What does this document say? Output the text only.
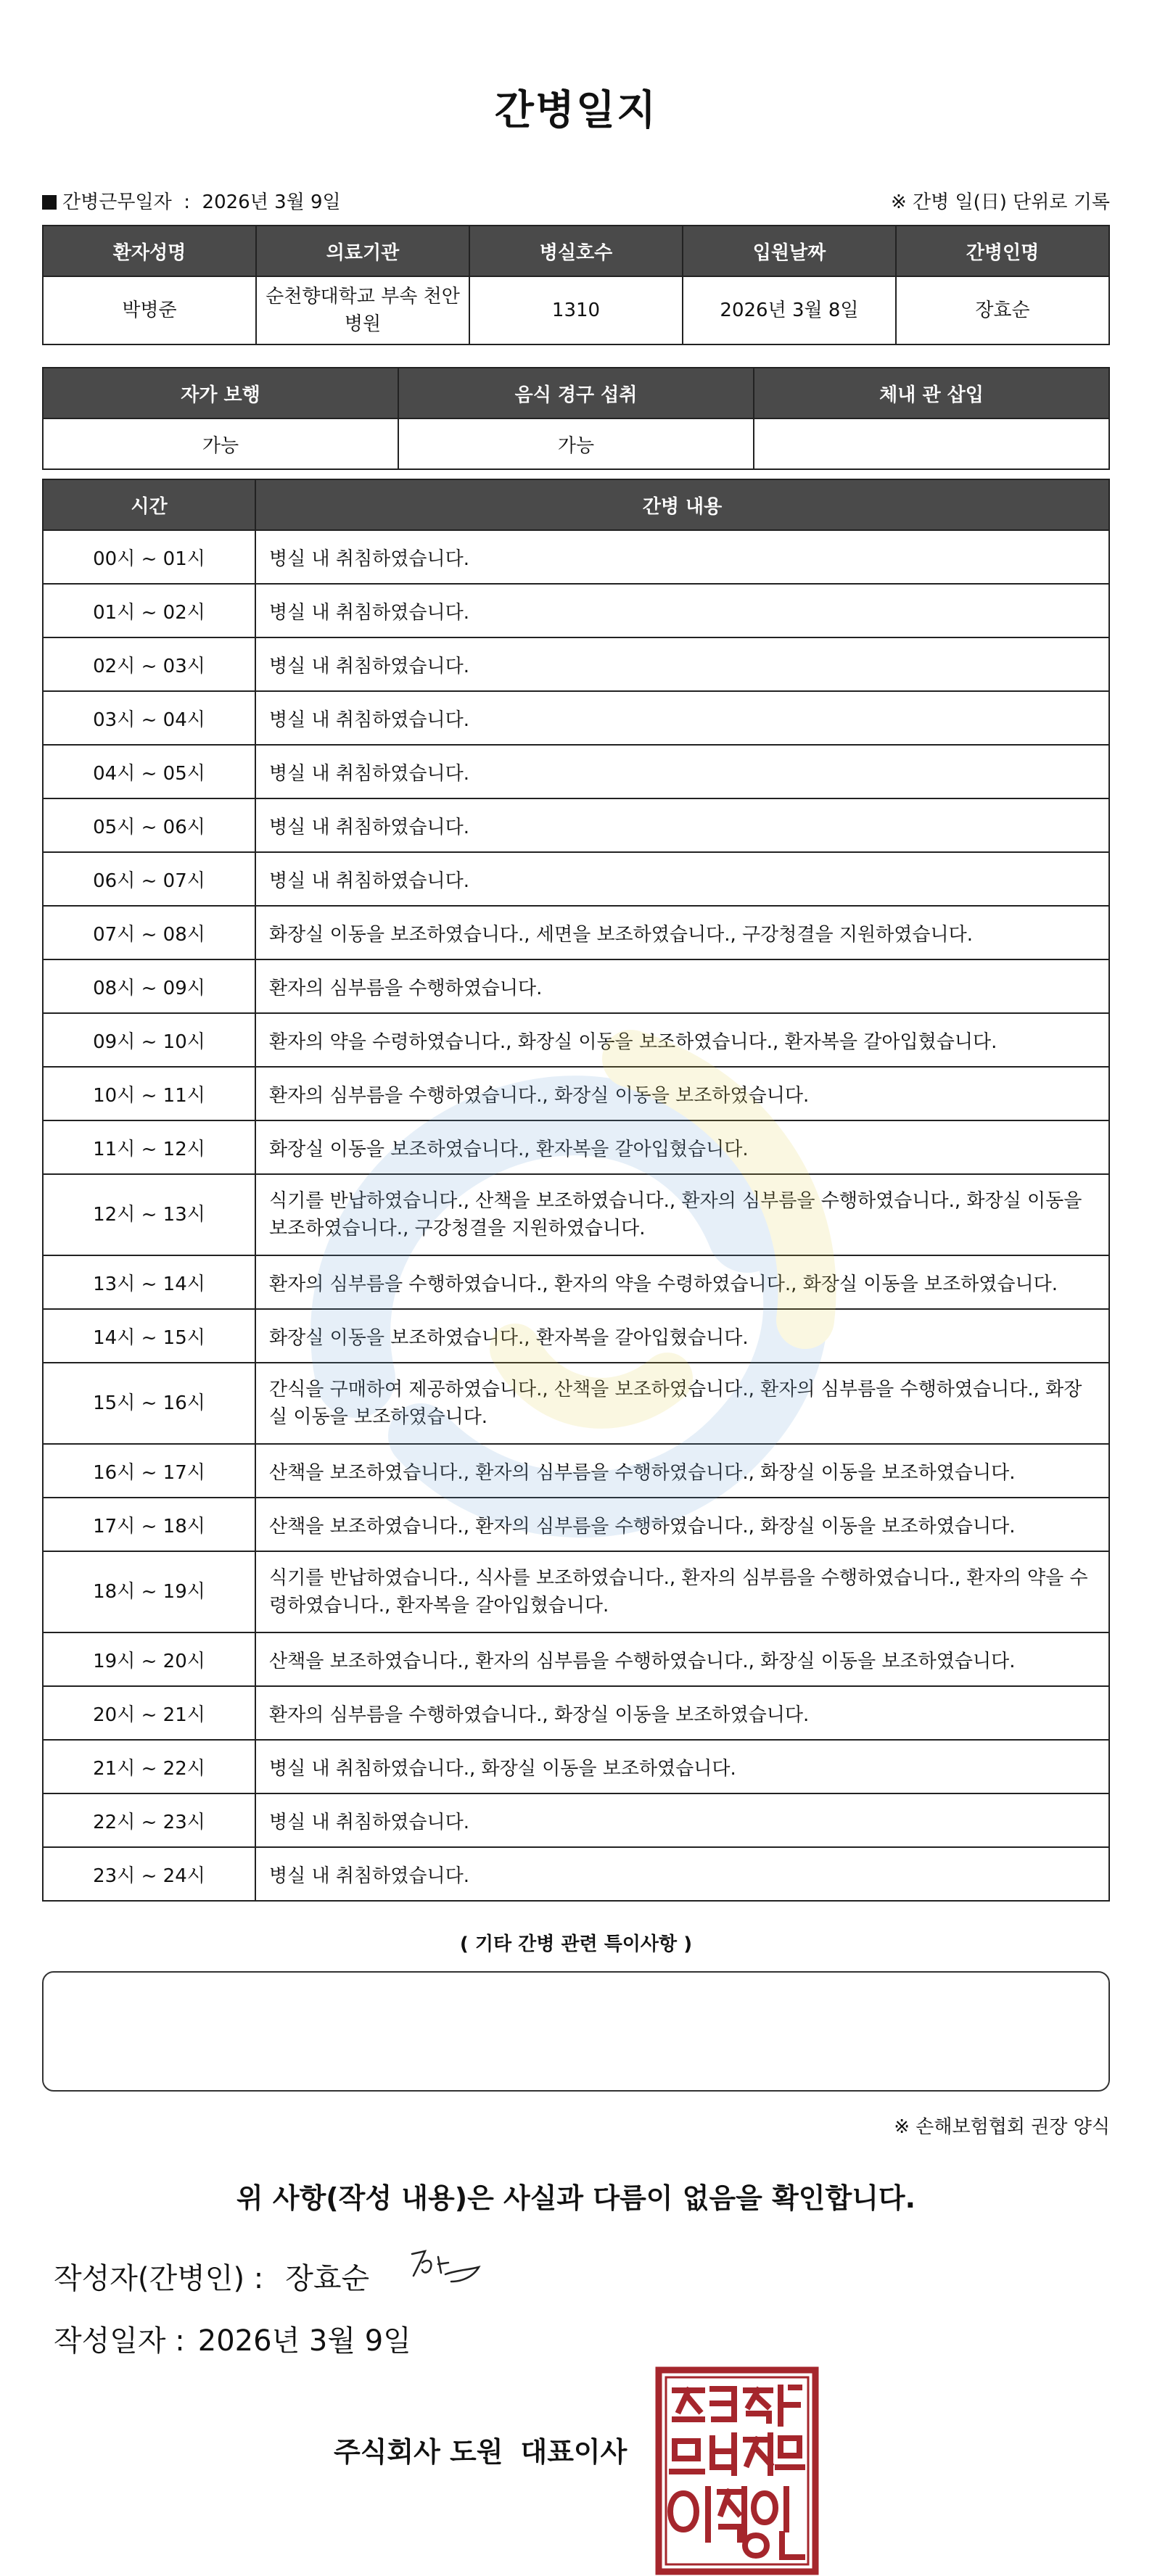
간병일지
간병근무일자  :  2026년 3월 9일	※ 간병 일(日) 단위로 기록
환자성명	의료기관	병실호수	입원날짜	간병인명
박병준	순천향대학교 부속 천안병원	1310	2026년 3월 8일	장효순
자가 보행	음식 경구 섭취	체내 관 삽입
가능	가능	
시간	간병 내용
00시 ~ 01시	병실 내 취침하였습니다.
01시 ~ 02시	병실 내 취침하였습니다.
02시 ~ 03시	병실 내 취침하였습니다.
03시 ~ 04시	병실 내 취침하였습니다.
04시 ~ 05시	병실 내 취침하였습니다.
05시 ~ 06시	병실 내 취침하였습니다.
06시 ~ 07시	병실 내 취침하였습니다.
07시 ~ 08시	화장실 이동을 보조하였습니다., 세면을 보조하였습니다., 구강청결을 지원하였습니다.
08시 ~ 09시	환자의 심부름을 수행하였습니다.
09시 ~ 10시	환자의 약을 수령하였습니다., 화장실 이동을 보조하였습니다., 환자복을 갈아입혔습니다.
10시 ~ 11시	환자의 심부름을 수행하였습니다., 화장실 이동을 보조하였습니다.
11시 ~ 12시	화장실 이동을 보조하였습니다., 환자복을 갈아입혔습니다.
12시 ~ 13시	식기를 반납하였습니다., 산책을 보조하였습니다., 환자의 심부름을 수행하였습니다., 화장실 이동을 보조하였습니다., 구강청결을 지원하였습니다.
13시 ~ 14시	환자의 심부름을 수행하였습니다., 환자의 약을 수령하였습니다., 화장실 이동을 보조하였습니다.
14시 ~ 15시	화장실 이동을 보조하였습니다., 환자복을 갈아입혔습니다.
15시 ~ 16시	간식을 구매하여 제공하였습니다., 산책을 보조하였습니다., 환자의 심부름을 수행하였습니다., 화장실 이동을 보조하였습니다.
16시 ~ 17시	산책을 보조하였습니다., 환자의 심부름을 수행하였습니다., 화장실 이동을 보조하였습니다.
17시 ~ 18시	산책을 보조하였습니다., 환자의 심부름을 수행하였습니다., 화장실 이동을 보조하였습니다.
18시 ~ 19시	식기를 반납하였습니다., 식사를 보조하였습니다., 환자의 심부름을 수행하였습니다., 환자의 약을 수령하였습니다., 환자복을 갈아입혔습니다.
19시 ~ 20시	산책을 보조하였습니다., 환자의 심부름을 수행하였습니다., 화장실 이동을 보조하였습니다.
20시 ~ 21시	환자의 심부름을 수행하였습니다., 화장실 이동을 보조하였습니다.
21시 ~ 22시	병실 내 취침하였습니다., 화장실 이동을 보조하였습니다.
22시 ~ 23시	병실 내 취침하였습니다.
23시 ~ 24시	병실 내 취침하였습니다.
( 기타 간병 관련 특이사항 )
※ 손해보험협회 권장 양식
위 사항(작성 내용)은 사실과 다름이 없음을 확인합니다.
작성자(간병인) : 장효순
작성일자 : 2026년 3월 9일
주식회사 도원 대표이사
